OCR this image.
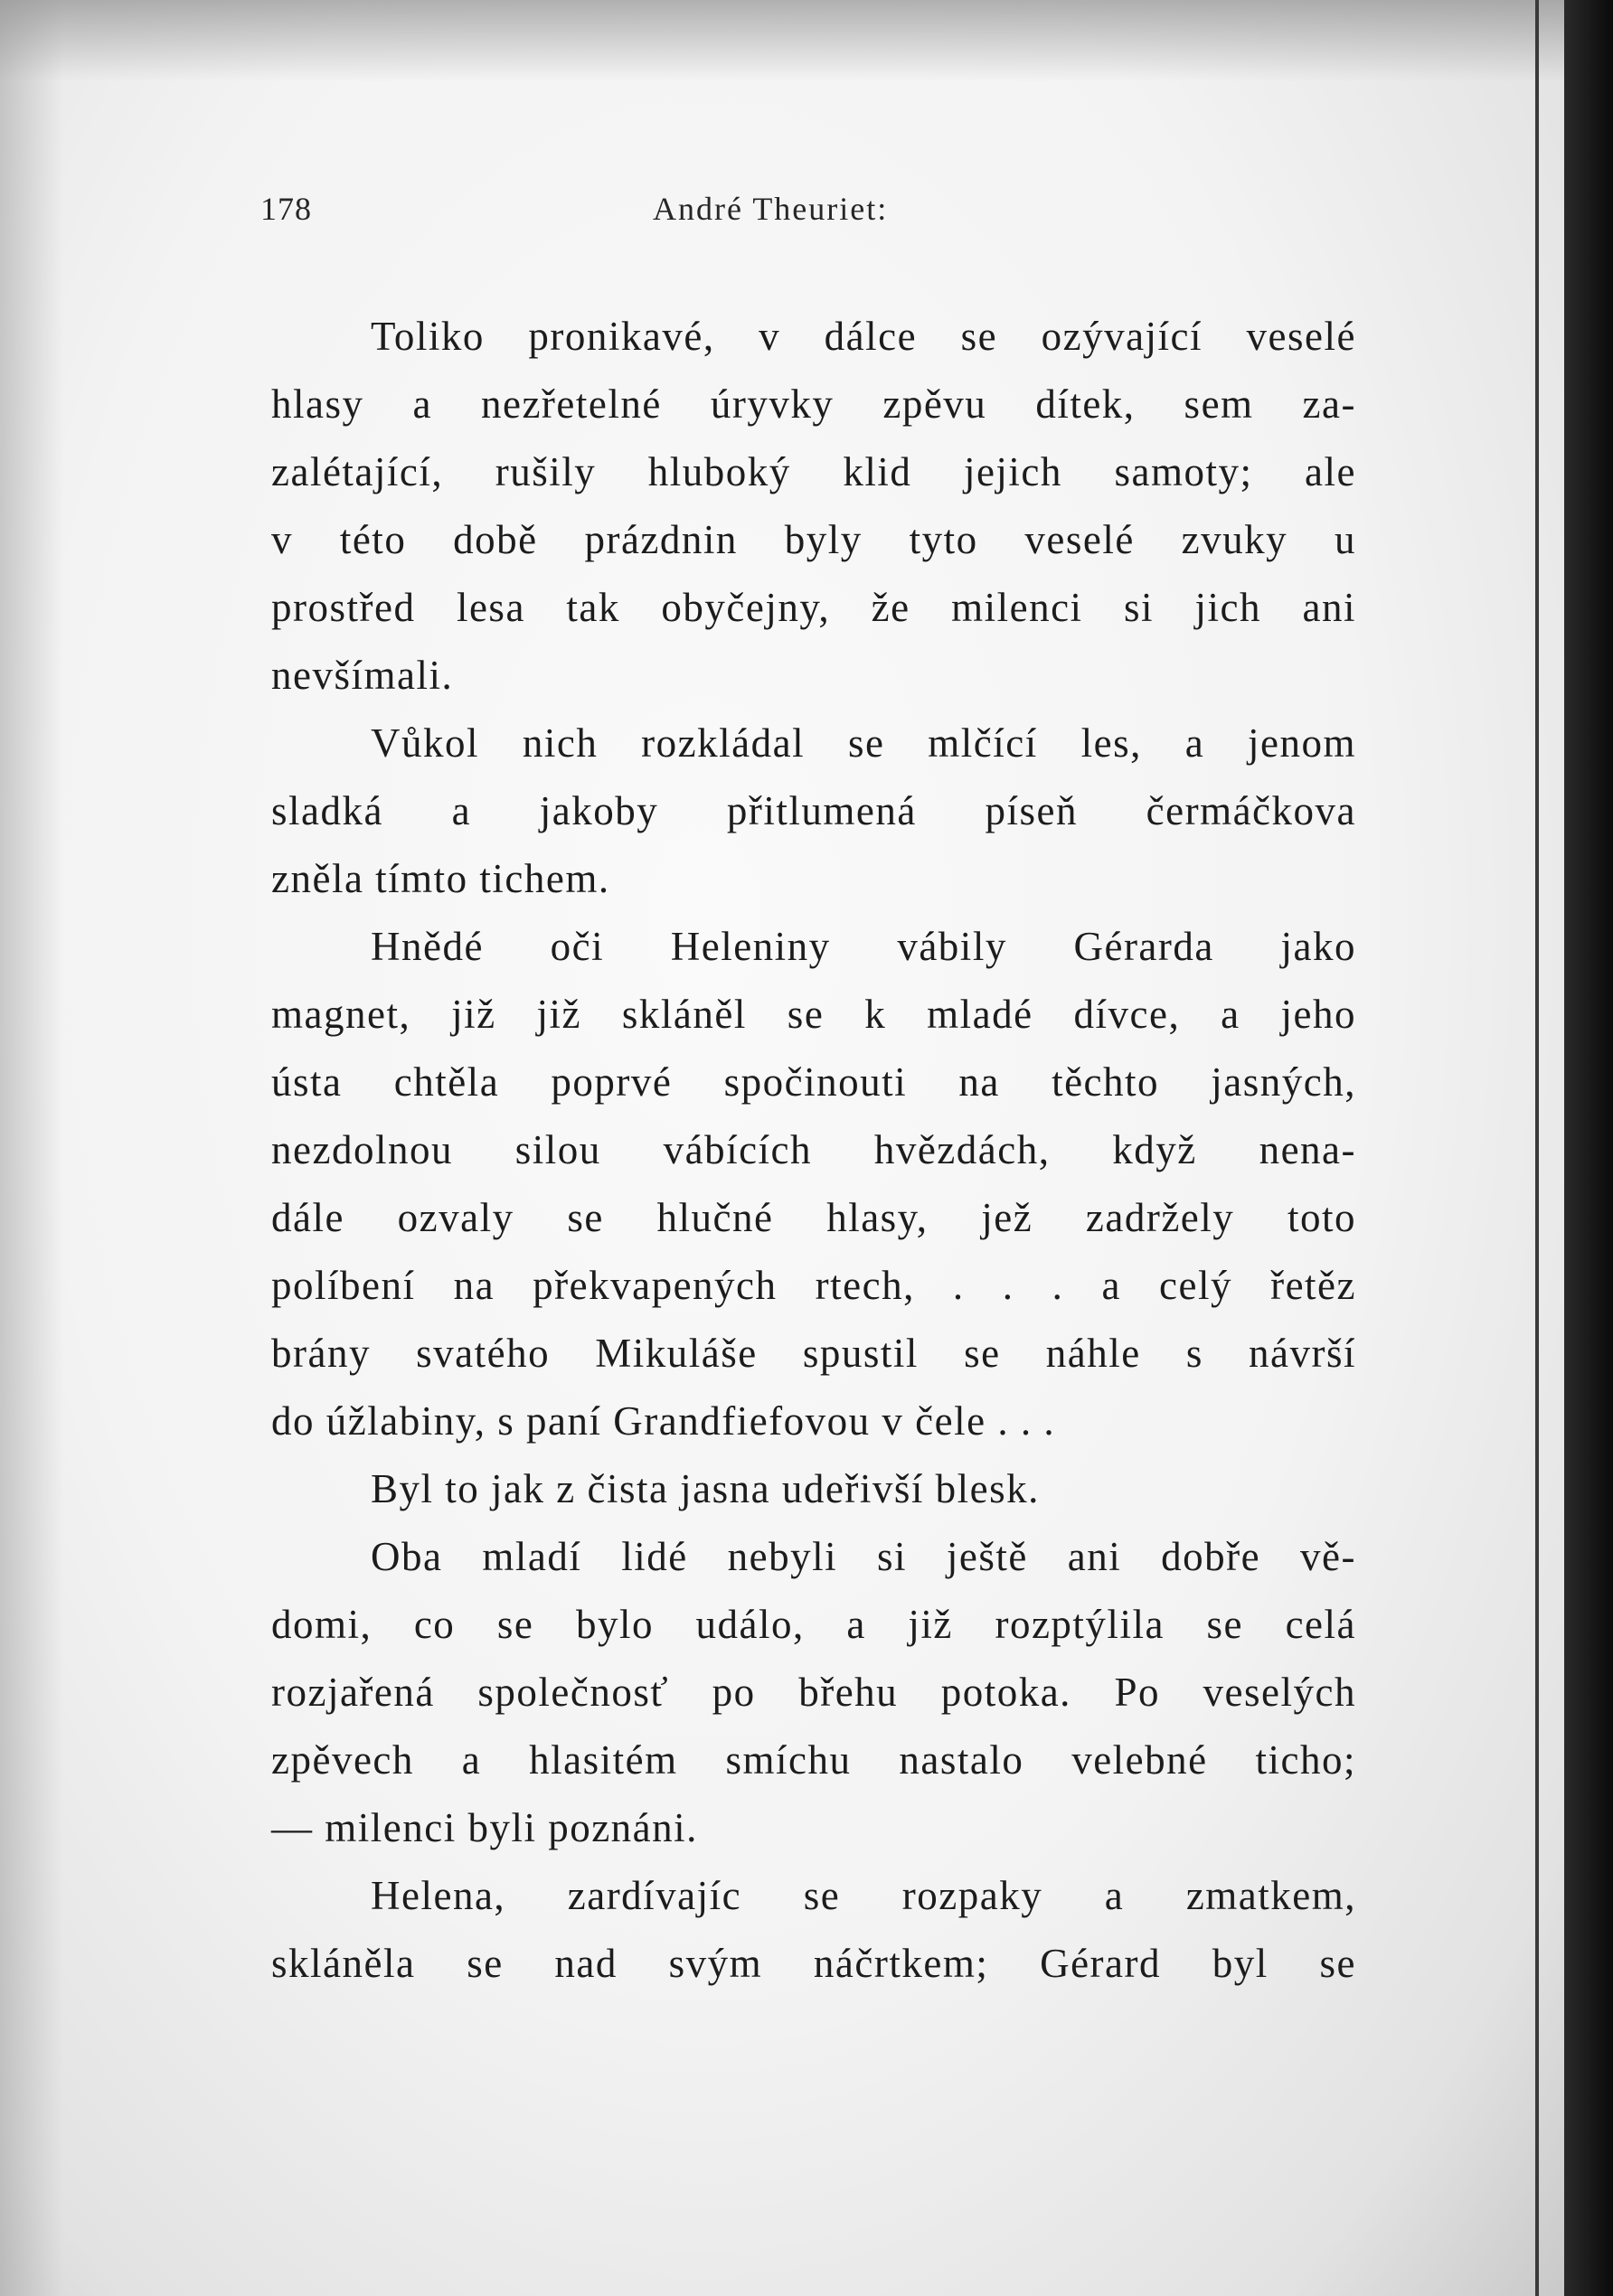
178	André Theuriet:
Toliko pronikavé, v dálce se ozývající veselé
hlasy a nezřetelné úryvky zpěvu dítek, sem za-
zalétající, rušily hluboký klid jejich samoty; ale
v této době prázdnin byly tyto veselé zvuky u
prostřed lesa tak obyčejny, že milenci si jich ani
nevšímali.
Vůkol nich rozkládal se mlčící les, a jenom
sladká a jakoby přitlumená píseň čermáčkova
zněla tímto tichem.
Hnědé oči Heleniny vábily Gérarda jako
magnet, již již skláněl se k mladé dívce, a jeho
ústa chtěla poprvé spočinouti na těchto jasných,
nezdolnou silou vábících hvězdách, když nena-
dále ozvaly se hlučné hlasy, jež zadržely toto
políbení na překvapených rtech, . . . a celý řetěz
brány svatého Mikuláše spustil se náhle s návrší
do úžlabiny, s paní Grandfiefovou v čele . . .
Byl to jak z čista jasna udeřivší blesk.
Oba mladí lidé nebyli si ještě ani dobře vě-
domi, co se bylo událo, a již rozptýlila se celá
rozjařená společnosť po břehu potoka. Po veselých
zpěvech a hlasitém smíchu nastalo velebné ticho;
— milenci byli poznáni.
Helena, zardívajíc se rozpaky a zmatkem,
skláněla se nad svým náčrtkem; Gérard byl se
